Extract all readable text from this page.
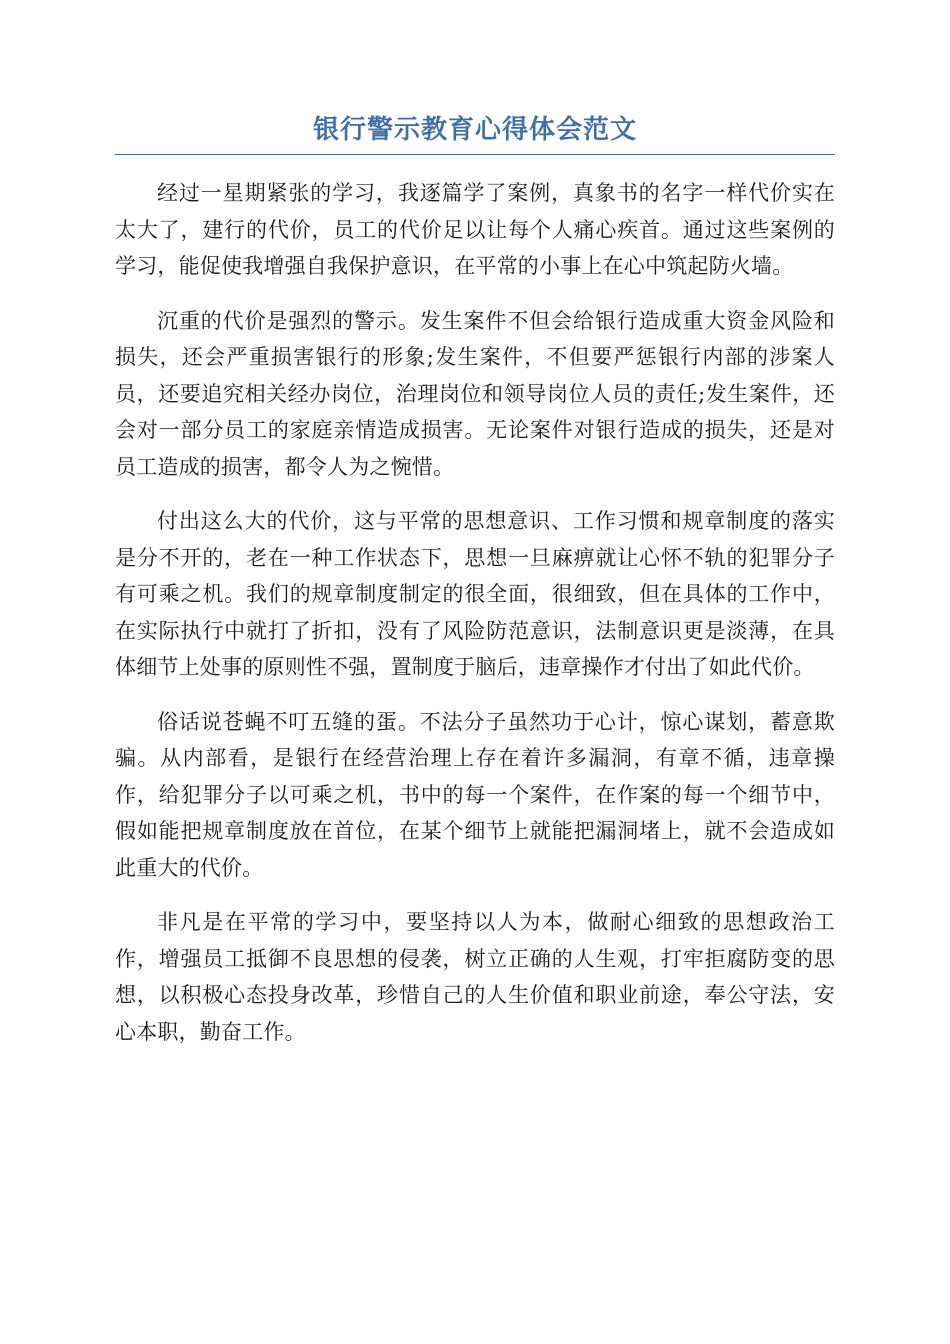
银行警示教育心得体会范文

经过一星期紧张的学习，我逐篇学了案例，真象书的名字一样代价实在太大了，建行的代价，员工的代价足以让每个人痛心疾首。通过这些案例的学习，能促使我增强自我保护意识，在平常的小事上在心中筑起防火墙。

沉重的代价是强烈的警示。发生案件不但会给银行造成重大资金风险和损失，还会严重损害银行的形象;发生案件，不但要严惩银行内部的涉案人员，还要追究相关经办岗位，治理岗位和领导岗位人员的责任;发生案件，还会对一部分员工的家庭亲情造成损害。无论案件对银行造成的损失，还是对员工造成的损害，都令人为之惋惜。

付出这么大的代价，这与平常的思想意识、工作习惯和规章制度的落实是分不开的，老在一种工作状态下，思想一旦麻痹就让心怀不轨的犯罪分子有可乘之机。我们的规章制度制定的很全面，很细致，但在具体的工作中，在实际执行中就打了折扣，没有了风险防范意识，法制意识更是淡薄，在具体细节上处事的原则性不强，置制度于脑后，违章操作才付出了如此代价。

俗话说苍蝇不叮五缝的蛋。不法分子虽然功于心计，惊心谋划，蓄意欺骗。从内部看，是银行在经营治理上存在着许多漏洞，有章不循，违章操作，给犯罪分子以可乘之机，书中的每一个案件，在作案的每一个细节中，假如能把规章制度放在首位，在某个细节上就能把漏洞堵上，就不会造成如此重大的代价。

非凡是在平常的学习中，要坚持以人为本，做耐心细致的思想政治工作，增强员工抵御不良思想的侵袭，树立正确的人生观，打牢拒腐防变的思想，以积极心态投身改革，珍惜自己的人生价值和职业前途，奉公守法，安心本职，勤奋工作。
